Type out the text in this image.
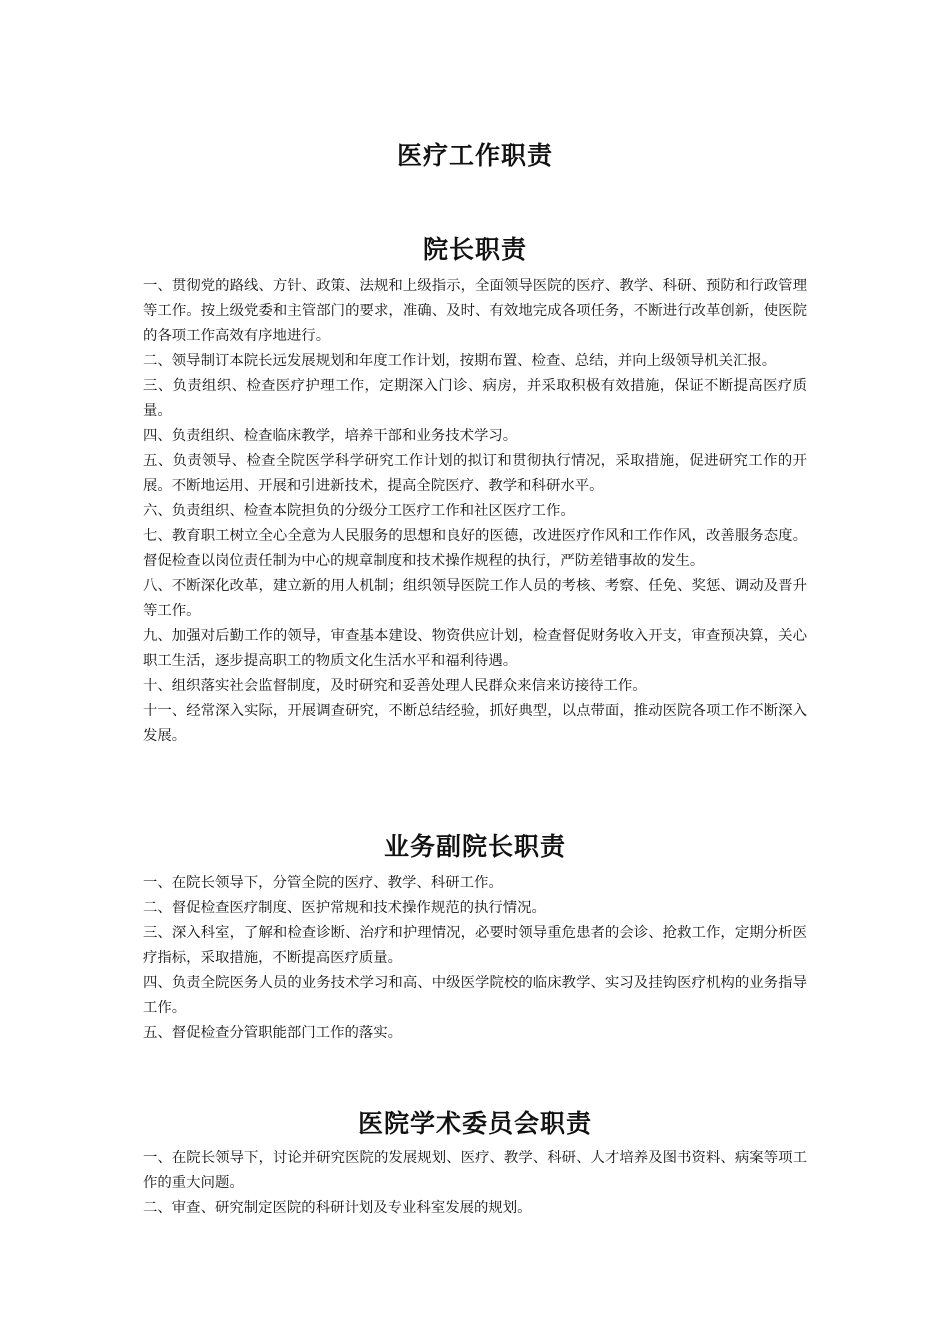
医疗工作职责
院长职责

一、贯彻党的路线、方针、政策、法规和上级指示，全面领导医院的医疗、教学、科研、预防和行政管理等工作。按上级党委和主管部门的要求，准确、及时、有效地完成各项任务，不断进行改革创新，使医院的各项工作高效有序地进行。

二、领导制订本院长远发展规划和年度工作计划，按期布置、检查、总结，并向上级领导机关汇报。

三、负责组织、检查医疗护理工作，定期深入门诊、病房，并采取积极有效措施，保证不断提高医疗质量。

四、负责组织、检查临床教学，培养干部和业务技术学习。

五、负责领导、检查全院医学科学研究工作计划的拟订和贯彻执行情况，采取措施，促进研究工作的开展。不断地运用、开展和引进新技术，提高全院医疗、教学和科研水平。

六、负责组织、检查本院担负的分级分工医疗工作和社区医疗工作。

七、教育职工树立全心全意为人民服务的思想和良好的医德，改进医疗作风和工作作风，改善服务态度。督促检查以岗位责任制为中心的规章制度和技术操作规程的执行，严防差错事故的发生。

八、不断深化改革，建立新的用人机制；组织领导医院工作人员的考核、考察、任免、奖惩、调动及晋升等工作。

九、加强对后勤工作的领导，审查基本建设、物资供应计划，检查督促财务收入开支，审查预决算，关心职工生活，逐步提高职工的物质文化生活水平和福利待遇。

十、组织落实社会监督制度，及时研究和妥善处理人民群众来信来访接待工作。

十一、经常深入实际，开展调查研究，不断总结经验，抓好典型，以点带面，推动医院各项工作不断深入发展。

业务副院长职责

一、在院长领导下，分管全院的医疗、教学、科研工作。

二、督促检查医疗制度、医护常规和技术操作规范的执行情况。

三、深入科室，了解和检查诊断、治疗和护理情况，必要时领导重危患者的会诊、抢救工作，定期分析医疗指标，采取措施，不断提高医疗质量。

四、负责全院医务人员的业务技术学习和高、中级医学院校的临床教学、实习及挂钩医疗机构的业务指导工作。

五、督促检查分管职能部门工作的落实。

医院学术委员会职责

一、在院长领导下，讨论并研究医院的发展规划、医疗、教学、科研、人才培养及图书资料、病案等项工作的重大问题。

二、审查、研究制定医院的科研计划及专业科室发展的规划。
